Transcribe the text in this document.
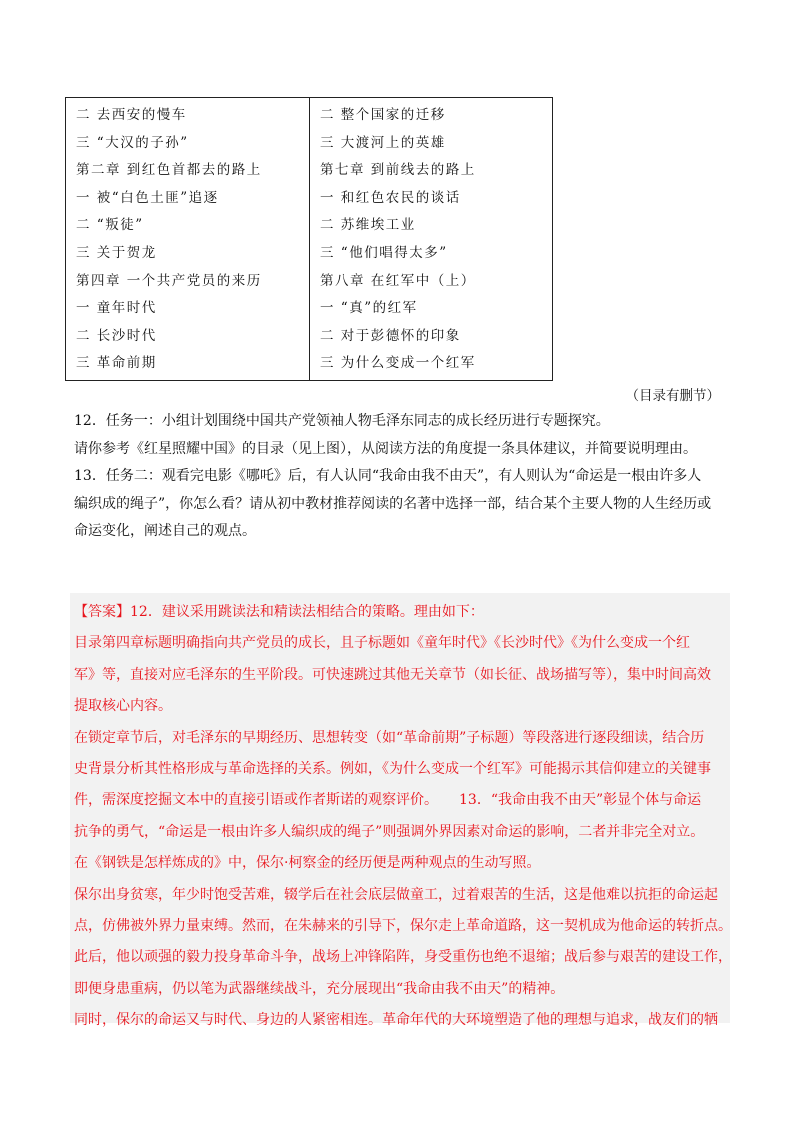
二 去西安的慢车
三 “大汉的子孙”
第二章 到红色首都去的路上
一 被“白色土匪”追逐
二 “叛徒”
三 关于贺龙
第四章 一个共产党员的来历
一 童年时代
二 长沙时代
三 革命前期
二 整个国家的迁移
三 大渡河上的英雄
第七章 到前线去的路上
一 和红色农民的谈话
二 苏维埃工业
三 “他们唱得太多”
第八章 在红军中（上）
一 “真”的红军
二 对于彭德怀的印象
三 为什么变成一个红军
（目录有删节）
12．任务一：小组计划围绕中国共产党领袖人物毛泽东同志的成长经历进行专题探究。
请你参考《红星照耀中国》的目录（见上图），从阅读方法的角度提一条具体建议，并简要说明理由。
13．任务二：观看完电影《哪吒》后，有人认同“我命由我不由天”，有人则认为“命运是一根由许多人
编织成的绳子”，你怎么看？请从初中教材推荐阅读的名著中选择一部，结合某个主要人物的人生经历或
命运变化，阐述自己的观点。
【答案】12．建议采用跳读法和精读法相结合的策略。理由如下：
目录第四章标题明确指向共产党员的成长，且子标题如《童年时代》《长沙时代》《为什么变成一个红
军》等，直接对应毛泽东的生平阶段。可快速跳过其他无关章节（如长征、战场描写等），集中时间高效
提取核心内容。
在锁定章节后，对毛泽东的早期经历、思想转变（如“革命前期”子标题）等段落进行逐段细读，结合历
史背景分析其性格形成与革命选择的关系。例如，《为什么变成一个红军》可能揭示其信仰建立的关键事
件，需深度挖掘文本中的直接引语或作者斯诺的观察评价。　　13．“我命由我不由天”彰显个体与命运
抗争的勇气，“命运是一根由许多人编织成的绳子”则强调外界因素对命运的影响，二者并非完全对立。
在《钢铁是怎样炼成的》中，保尔·柯察金的经历便是两种观点的生动写照。
保尔出身贫寒，年少时饱受苦难，辍学后在社会底层做童工，过着艰苦的生活，这是他难以抗拒的命运起
点，仿佛被外界力量束缚。然而，在朱赫来的引导下，保尔走上革命道路，这一契机成为他命运的转折点。
此后，他以顽强的毅力投身革命斗争，战场上冲锋陷阵，身受重伤也绝不退缩；战后参与艰苦的建设工作，
即便身患重病，仍以笔为武器继续战斗，充分展现出“我命由我不由天”的精神。
同时，保尔的命运又与时代、身边的人紧密相连。革命年代的大环境塑造了他的理想与追求，战友们的牺
